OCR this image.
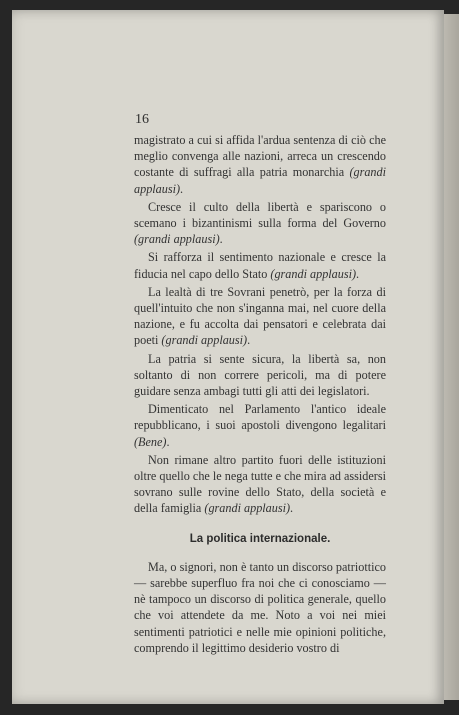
16

magistrato a cui si affida l'ardua sentenza di ciò che meglio convenga alle nazioni, arreca un crescendo costante di suffragi alla patria monarchia (grandi applausi).

Cresce il culto della libertà e spariscono o scemano i bizantinismi sulla forma del Governo (grandi applausi).

Si rafforza il sentimento nazionale e cresce la fiducia nel capo dello Stato (grandi applausi).

La lealtà di tre Sovrani penetrò, per la forza di quell'intuito che non s'inganna mai, nel cuore della nazione, e fu accolta dai pensatori e celebrata dai poeti (grandi applausi).

La patria si sente sicura, la libertà sa, non soltanto di non correre pericoli, ma di potere guidare senza ambagi tutti gli atti dei legislatori.

Dimenticato nel Parlamento l'antico ideale repubblicano, i suoi apostoli divengono legalitari (Bene).

Non rimane altro partito fuori delle istituzioni oltre quello che le nega tutte e che mira ad assidersi sovrano sulle rovine dello Stato, della società e della famiglia (grandi applausi).

La politica internazionale.

Ma, o signori, non è tanto un discorso patriottico — sarebbe superfluo fra noi che ci conosciamo — nè tampoco un discorso di politica generale, quello che voi attendete da me. Noto a voi nei miei sentimenti patriotici e nelle mie opinioni politiche, comprendo il legittimo desiderio vostro di
